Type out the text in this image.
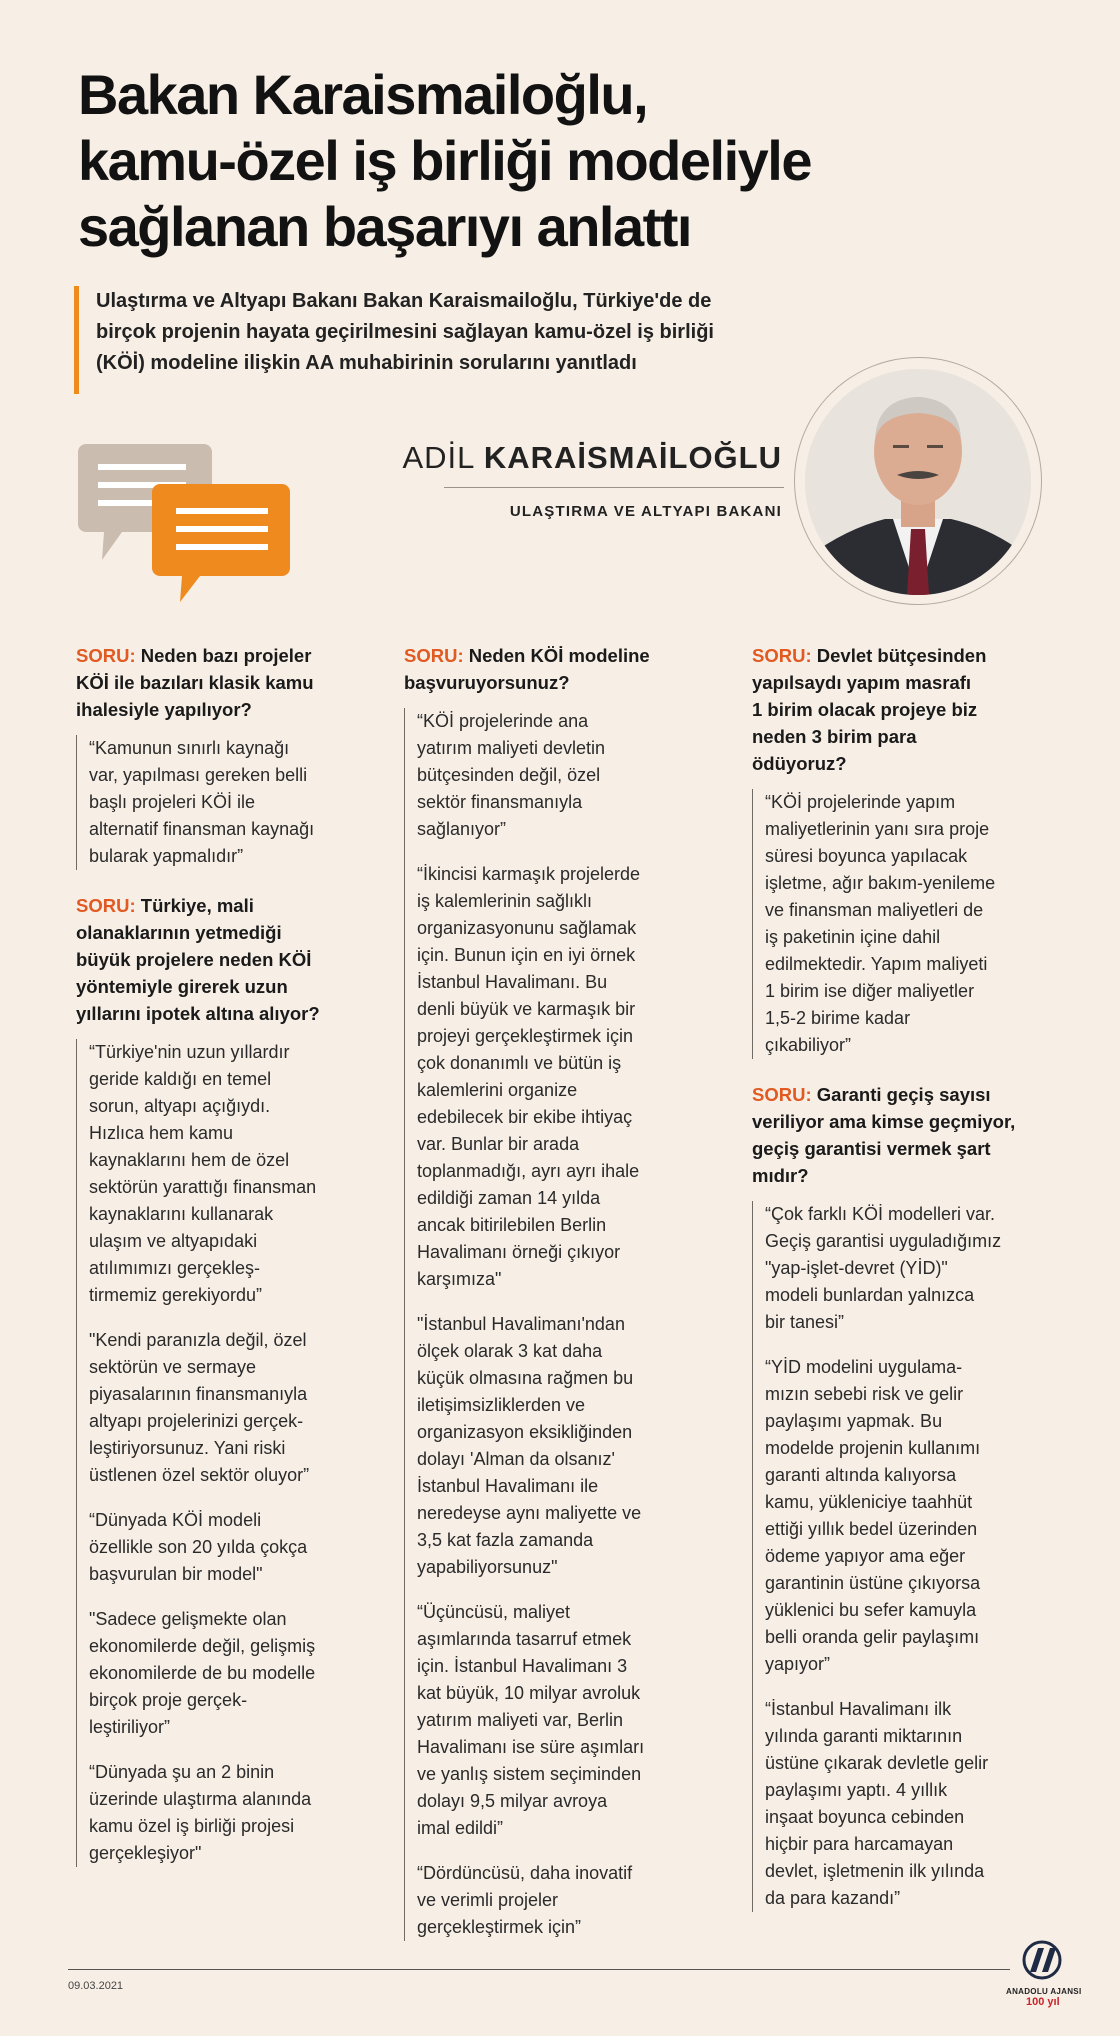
Bakan Karaismailoğlu,
kamu-özel iş birliği modeliyle
sağlanan başarıyı anlattı
Ulaştırma ve Altyapı Bakanı Bakan Karaismailoğlu, Türkiye'de de
birçok projenin hayata geçirilmesini sağlayan kamu-özel iş birliği
(KÖİ) modeline ilişkin AA muhabirinin sorularını yanıtladı
ADİL KARAİSMAİLOĞLU
ULAŞTIRMA VE ALTYAPI BAKANI
SORU: Neden bazı projeler
KÖİ ile bazıları klasik kamu
ihalesiyle yapılıyor?
“Kamunun sınırlı kaynağı
var, yapılması gereken belli
başlı projeleri KÖİ ile
alternatif finansman kaynağı
bularak yapmalıdır”
SORU: Türkiye, mali
olanaklarının yetmediği
büyük projelere neden KÖİ
yöntemiyle girerek uzun
yıllarını ipotek altına alıyor?
“Türkiye'nin uzun yıllardır
geride kaldığı en temel
sorun, altyapı açığıydı.
Hızlıca hem kamu
kaynaklarını hem de özel
sektörün yarattığı finansman
kaynaklarını kullanarak
ulaşım ve altyapıdaki
atılımımızı gerçekleş-
tirmemiz gerekiyordu”
"Kendi paranızla değil, özel
sektörün ve sermaye
piyasalarının finansmanıyla
altyapı projelerinizi gerçek-
leştiriyorsunuz. Yani riski
üstlenen özel sektör oluyor”
“Dünyada KÖİ modeli
özellikle son 20 yılda çokça
başvurulan bir model"
"Sadece gelişmekte olan
ekonomilerde değil, gelişmiş
ekonomilerde de bu modelle
birçok proje gerçek-
leştiriliyor”
“Dünyada şu an 2 binin
üzerinde ulaştırma alanında
kamu özel iş birliği projesi
gerçekleşiyor"
SORU: Neden KÖİ modeline
başvuruyorsunuz?
“KÖİ projelerinde ana
yatırım maliyeti devletin
bütçesinden değil, özel
sektör finansmanıyla
sağlanıyor”
“İkincisi karmaşık projelerde
iş kalemlerinin sağlıklı
organizasyonunu sağlamak
için. Bunun için en iyi örnek
İstanbul Havalimanı. Bu
denli büyük ve karmaşık bir
projeyi gerçekleştirmek için
çok donanımlı ve bütün iş
kalemlerini organize
edebilecek bir ekibe ihtiyaç
var. Bunlar bir arada
toplanmadığı, ayrı ayrı ihale
edildiği zaman 14 yılda
ancak bitirilebilen Berlin
Havalimanı örneği çıkıyor
karşımıza"
"İstanbul Havalimanı'ndan
ölçek olarak 3 kat daha
küçük olmasına rağmen bu
iletişimsizliklerden ve
organizasyon eksikliğinden
dolayı 'Alman da olsanız'
İstanbul Havalimanı ile
neredeyse aynı maliyette ve
3,5 kat fazla zamanda
yapabiliyorsunuz"
“Üçüncüsü, maliyet
aşımlarında tasarruf etmek
için. İstanbul Havalimanı 3
kat büyük, 10 milyar avroluk
yatırım maliyeti var, Berlin
Havalimanı ise süre aşımları
ve yanlış sistem seçiminden
dolayı 9,5 milyar avroya
imal edildi”
“Dördüncüsü, daha inovatif
ve verimli projeler
gerçekleştirmek için”
SORU: Devlet bütçesinden
yapılsaydı yapım masrafı
1 birim olacak projeye biz
neden 3 birim para
ödüyoruz?
“KÖİ projelerinde yapım
maliyetlerinin yanı sıra proje
süresi boyunca yapılacak
işletme, ağır bakım-yenileme
ve finansman maliyetleri de
iş paketinin içine dahil
edilmektedir. Yapım maliyeti
1 birim ise diğer maliyetler
1,5-2 birime kadar
çıkabiliyor”
SORU: Garanti geçiş sayısı
veriliyor ama kimse geçmiyor,
geçiş garantisi vermek şart
mıdır?
“Çok farklı KÖİ modelleri var.
Geçiş garantisi uyguladığımız
"yap-işlet-devret (YİD)"
modeli bunlardan yalnızca
bir tanesi”
“YİD modelini uygulama-
mızın sebebi risk ve gelir
paylaşımı yapmak. Bu
modelde projenin kullanımı
garanti altında kalıyorsa
kamu, yükleniciye taahhüt
ettiği yıllık bedel üzerinden
ödeme yapıyor ama eğer
garantinin üstüne çıkıyorsa
yüklenici bu sefer kamuyla
belli oranda gelir paylaşımı
yapıyor”
“İstanbul Havalimanı ilk
yılında garanti miktarının
üstüne çıkarak devletle gelir
paylaşımı yaptı. 4 yıllık
inşaat boyunca cebinden
hiçbir para harcamayan
devlet, işletmenin ilk yılında
da para kazandı”
09.03.2021	ANADOLU AJANSI
100 yıl
